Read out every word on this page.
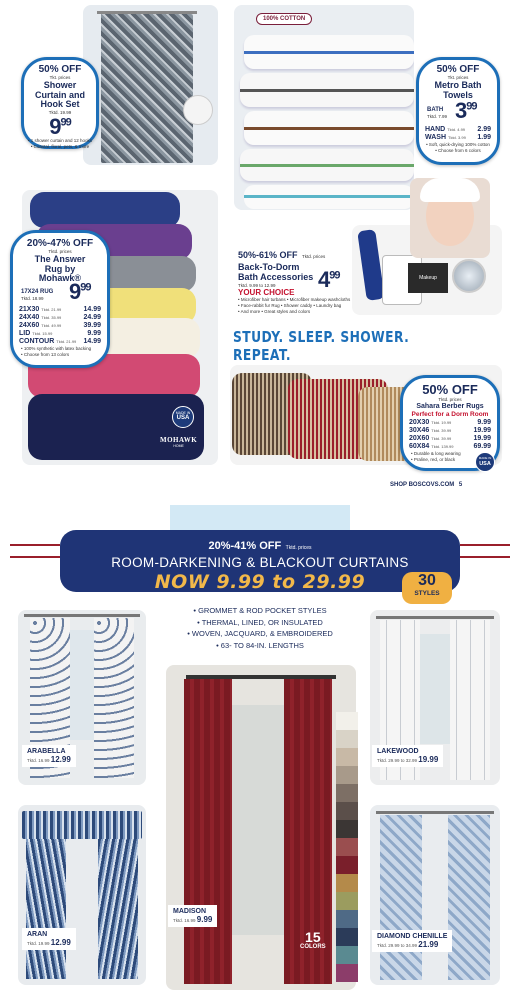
100% COTTON
50% OFF
Tkt. prices
Shower Curtain and Hook Set
Tktd. 19.99
$9^{99}$
• 1 shower curtain and 12 hooks
• Coastal, floral, pets, & more
50% OFF
Tkt. prices
Metro Bath Towels
BATH
Tktd. 7.99 $3^{99}$
HAND Tktd. 4.99 2.99
WASH Tktd. 3.99 1.99
• Soft, quick-drying 100% cotton
• Choose from 6 colors
MADE IN
USA
MOHAWK
HOME
20%-47% OFF
Tktd. prices
The Answer Rug by Mohawk®
17X24 RUG
Tktd. 18.99	$9^{99}$
21X30 Tktd. 21.99	14.99
24X40 Tktd. 35.99	24.99
24X60 Tktd. 49.99	39.99
LID Tktd. 15.99	9.99
CONTOUR Tktd. 21.99 14.99
• 100% synthetic with latex backing
• Choose from 13 colors
Makeup
50%-61% OFF Tktd. prices
Back-To-Dorm Bath Accessories
Tktd. 9.99 to 12.99
YOUR CHOICE
$4^{99}$
• Microfiber hair turbans • Microfiber makeup washcloths
• Face-rabbit fur Rug • Shower caddy • Laundry bag
• And more • Great styles and colors
STUDY. SLEEP. SHOWER. REPEAT.
50% OFF
Tktd. prices
Sahara Berber Rugs
Perfect for a Dorm Room
20X30 Tktd. 19.99	9.99
30X46 Tktd. 39.99	19.99
20X60 Tktd. 39.99	19.99
60X84 Tktd. 139.99	69.99
• Durable & long wearing
• Praline, red, or black	MADE IN
USA
SHOP BOSCOVS.COM 5
20%-41% OFF Tktd. prices
ROOM-DARKENING & BLACKOUT CURTAINS
NOW 9.99 to 29.99	30
STYLES
• GROMMET & ROD POCKET STYLES
• THERMAL, LINED, OR INSULATED
• WOVEN, JACQUARD, & EMBROIDERED
• 63- TO 84-IN. LENGTHS
ARABELLA
Tktd. 16.99 12.99
LAKEWOOD
Tktd. 29.99 to 32.99 19.99
MADISON
Tktd. 16.99 9.99
15
COLORS
ARAN
Tktd. 19.99 12.99
DIAMOND CHENILLE
Tktd. 29.99 to 34.99 21.99
